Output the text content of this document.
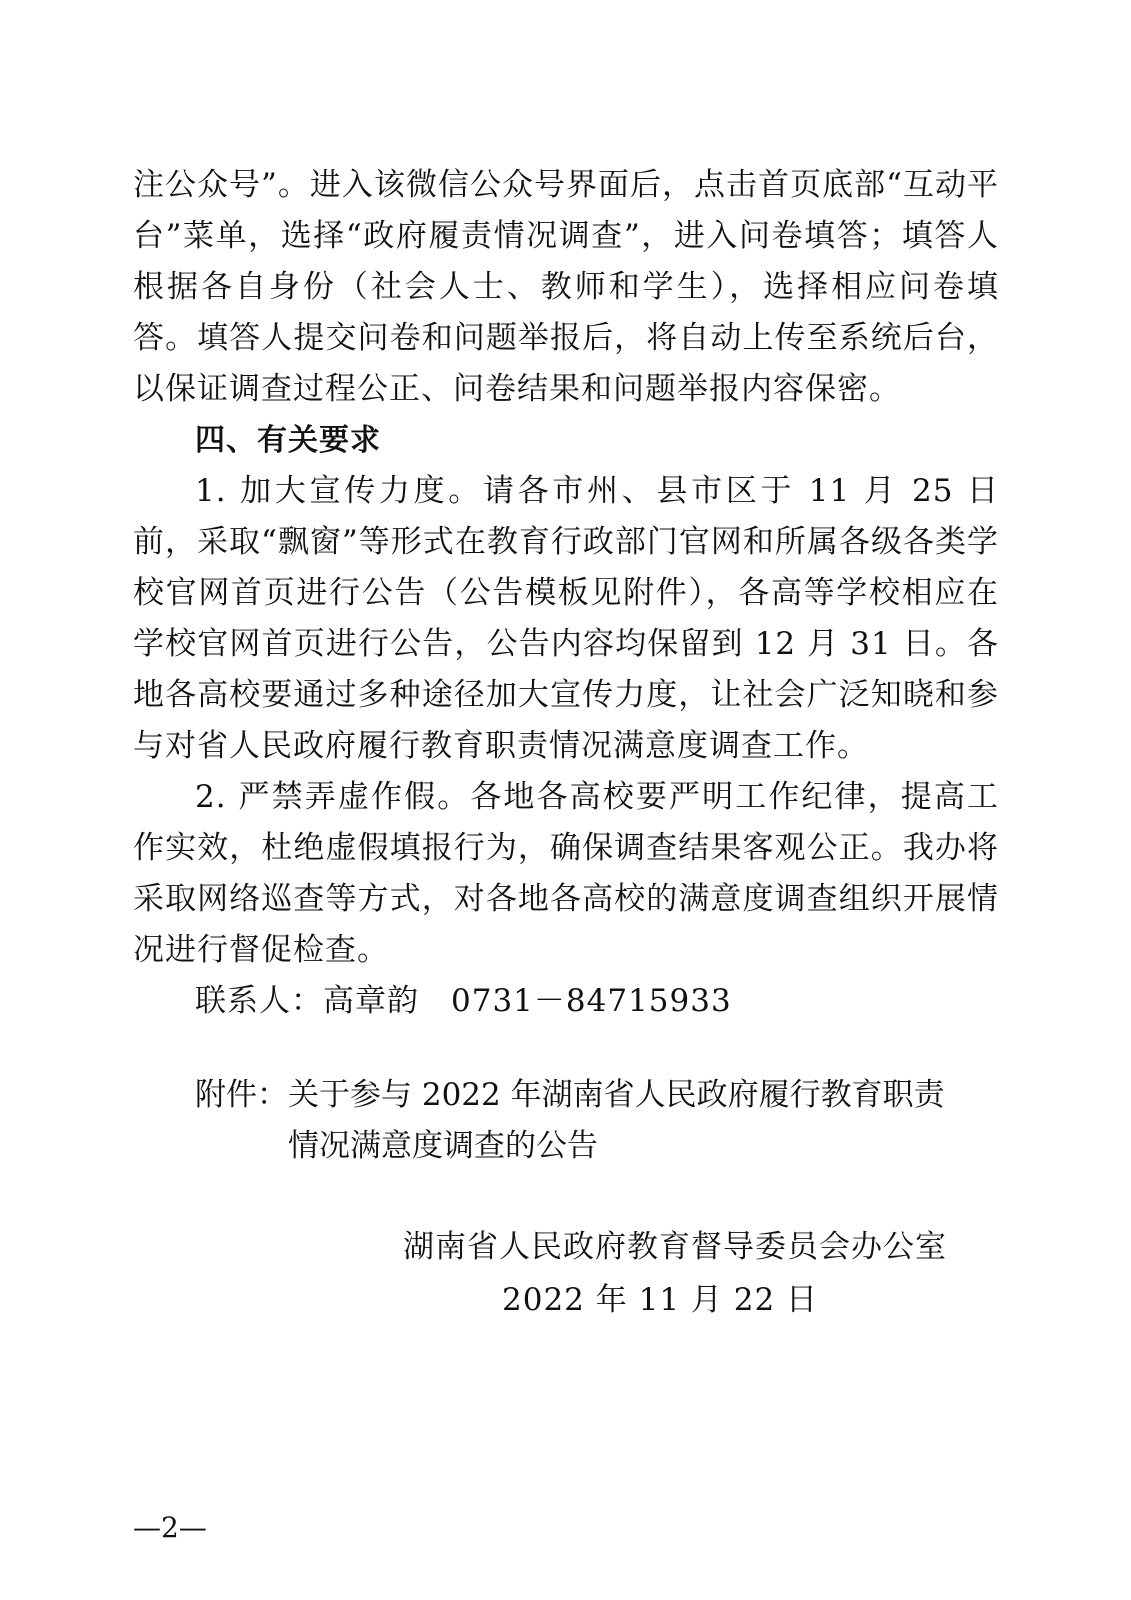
注公众号”。进入该微信公众号界面后，点击首页底部“互动平台”菜单，选择“政府履责情况调查”，进入问卷填答；填答人根据各自身份（社会人士、教师和学生），选择相应问卷填答。填答人提交问卷和问题举报后，将自动上传至系统后台，以保证调查过程公正、问卷结果和问题举报内容保密。

四、有关要求

1. 加大宣传力度。请各市州、县市区于 11 月 25 日前，采取“飘窗”等形式在教育行政部门官网和所属各级各类学校官网首页进行公告（公告模板见附件），各高等学校相应在学校官网首页进行公告，公告内容均保留到 12 月 31 日。各地各高校要通过多种途径加大宣传力度，让社会广泛知晓和参与对省人民政府履行教育职责情况满意度调查工作。

2. 严禁弄虚作假。各地各高校要严明工作纪律，提高工作实效，杜绝虚假填报行为，确保调查结果客观公正。我办将采取网络巡查等方式，对各地各高校的满意度调查组织开展情况进行督促检查。

联系人：高章韵　0731－84715933

附件：关于参与 2022 年湖南省人民政府履行教育职责情况满意度调查的公告
湖南省人民政府教育督导委员会办公室
2022 年 11 月 22 日
—2—
